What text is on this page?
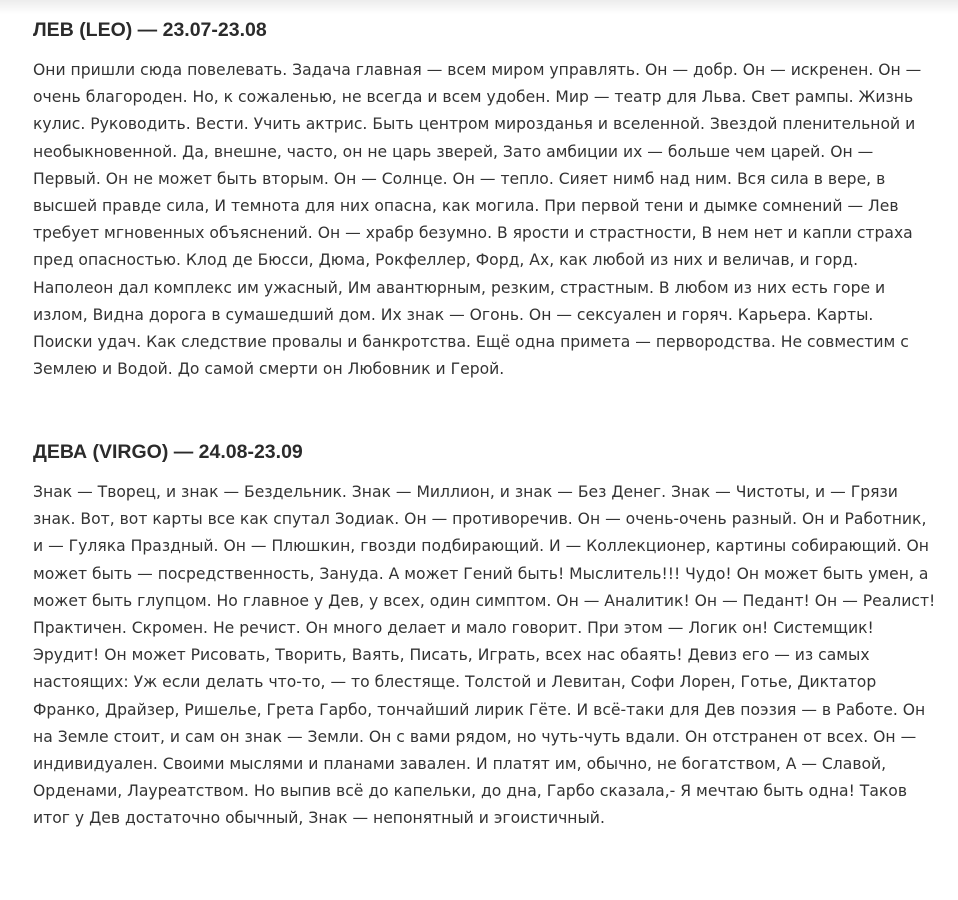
ЛЕВ (LEO) — 23.07-23.08

Они пришли сюда повелевать. Задача главная — всем миром управлять. Он — добр. Он — искренен. Он — очень благороден. Но, к сожаленью, не всегда и всем удобен. Мир — театр для Льва. Свет рампы. Жизнь кулис. Руководить. Вести. Учить актрис. Быть центром мирозданья и вселенной. Звездой пленительной и необыкновенной. Да, внешне, часто, он не царь зверей, Зато амбиции их — больше чем царей. Он — Первый. Он не может быть вторым. Он — Солнце. Он — тепло. Сияет нимб над ним. Вся сила в вере, в высшей правде сила, И темнота для них опасна, как могила. При первой тени и дымке сомнений — Лев требует мгновенных объяснений. Он — храбр безумно. В ярости и страстности, В нем нет и капли страха пред опасностью. Клод де Бюсси, Дюма, Рокфеллер, Форд, Ах, как любой из них и величав, и горд. Наполеон дал комплекс им ужасный, Им авантюрным, резким, страстным. В любом из них есть горе и излом, Видна дорога в сумашедший дом. Их знак — Огонь. Он — сексуален и горяч. Карьера. Карты. Поиски удач. Как следствие провалы и банкротства. Ещё одна примета — первородства. Не совместим с Землею и Водой. До самой смерти он Любовник и Герой.

ДЕВА (VIRGO) — 24.08-23.09

Знак — Творец, и знак — Бездельник. Знак — Миллион, и знак — Без Денег. Знак — Чистоты, и — Грязи знак. Вот, вот карты все как спутал Зодиак. Он — противоречив. Он — очень-очень разный. Он и Работник, и — Гуляка Праздный. Он — Плюшкин, гвозди подбирающий. И — Коллекционер, картины собирающий. Он может быть — посредственность, Зануда. А может Гений быть! Мыслитель!!! Чудо! Он может быть умен, а может быть глупцом. Но главное у Дев, у всех, один симптом. Он — Аналитик! Он — Педант! Он — Реалист! Практичен. Скромен. Не речист. Он много делает и мало говорит. При этом — Логик он! Системщик! Эрудит! Он может Рисовать, Творить, Ваять, Писать, Играть, всех нас обаять! Девиз его — из самых настоящих: Уж если делать что-то, — то блестяще. Толстой и Левитан, Софи Лорен, Готье, Диктатор Франко, Драйзер, Ришелье, Грета Гарбо, тончайший лирик Гёте. И всё-таки для Дев поэзия — в Работе. Он на Земле стоит, и сам он знак — Земли. Он с вами рядом, но чуть-чуть вдали. Он отстранен от всех. Он — индивидуален. Своими мыслями и планами завален. И платят им, обычно, не богатством, А — Славой, Орденами, Лауреатством. Но выпив всё до капельки, до дна, Гарбо сказала,- Я мечтаю быть одна! Таков итог у Дев достаточно обычный, Знак — непонятный и эгоистичный.
